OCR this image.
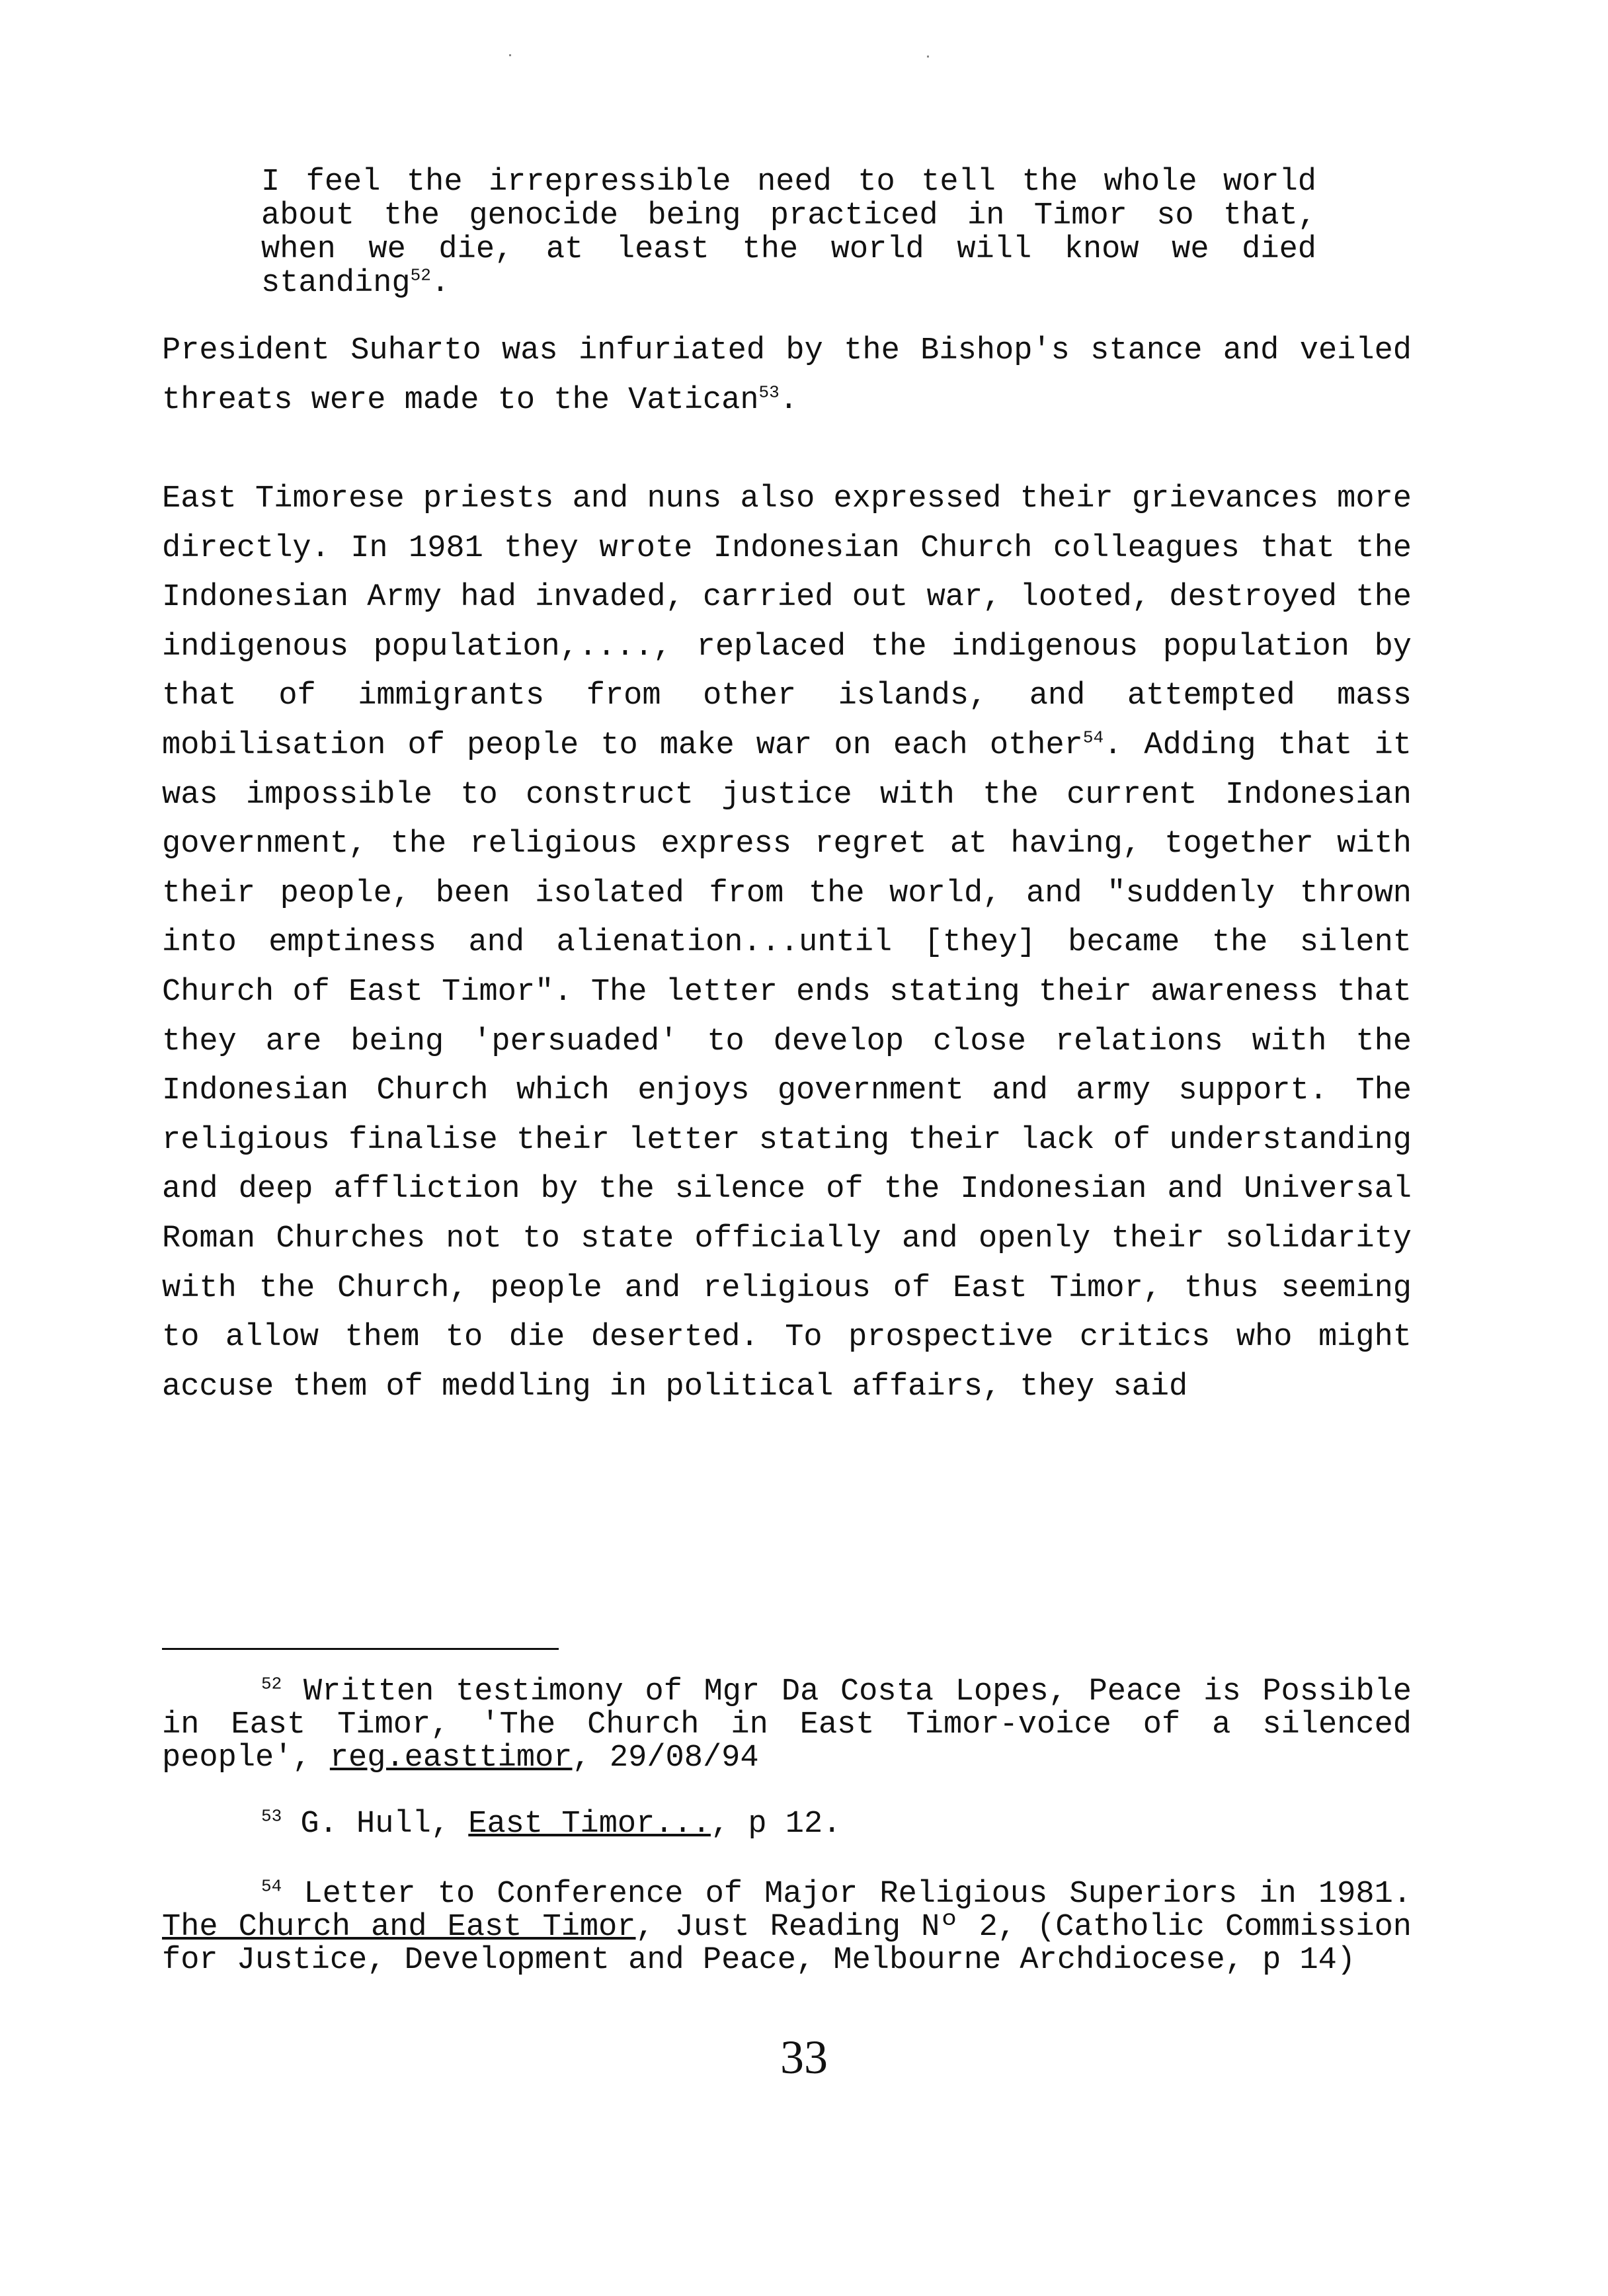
I feel the irrepressible need to tell the whole world about the genocide being practiced in Timor so that, when we die, at least the world will know we died standing$^{52}$.
President Suharto was infuriated by the Bishop's stance and veiled threats were made to the Vatican$^{53}$.
East Timorese priests and nuns also expressed their grievances more directly. In 1981 they wrote Indonesian Church colleagues that the Indonesian Army had invaded, carried out war, looted, destroyed the indigenous population,...., replaced the indigenous population by that of immigrants from other islands, and attempted mass mobilisation of people to make war on each other$^{54}$. Adding that it was impossible to construct justice with the current Indonesian government, the religious express regret at having, together with their people, been isolated from the world, and "suddenly thrown into emptiness and alienation...until [they] became the silent Church of East Timor". The letter ends stating their awareness that they are being 'persuaded' to develop close relations with the Indonesian Church which enjoys government and army support. The religious finalise their letter stating their lack of understanding and deep affliction by the silence of the Indonesian and Universal Roman Churches not to state officially and openly their solidarity with the Church, people and religious of East Timor, thus seeming to allow them to die deserted. To prospective critics who might accuse them of meddling in political affairs, they said
$^{52}$ Written testimony of Mgr Da Costa Lopes, Peace is Possible in East Timor, 'The Church in East Timor-voice of a silenced people', reg.easttimor, 29/08/94
$^{53}$ G. Hull, East Timor..., p 12.
$^{54}$ Letter to Conference of Major Religious Superiors in 1981. The Church and East Timor, Just Reading Nº 2, (Catholic Commission for Justice, Development and Peace, Melbourne Archdiocese, p 14)
33
